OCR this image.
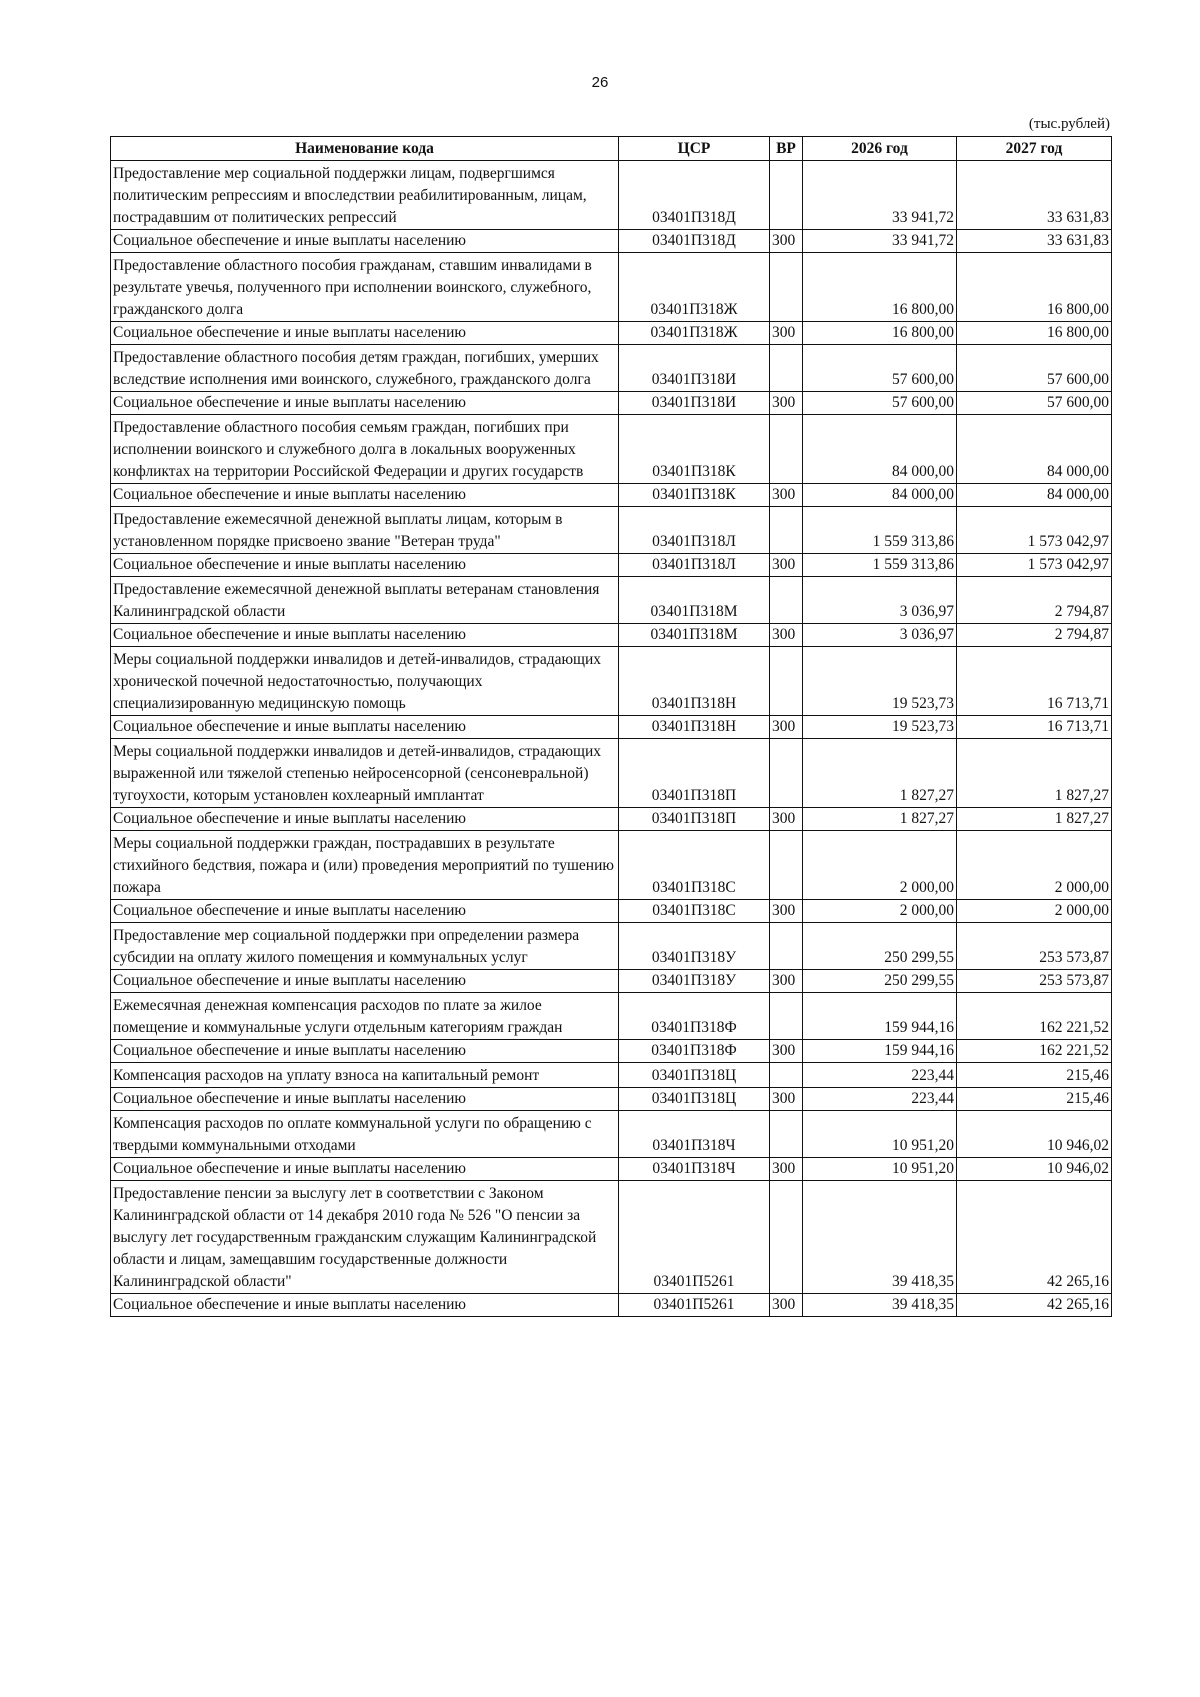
26
(тыс.рублей)
Наименование кода	ЦСР	ВР	2026 год	2027 год
Предоставление мер социальной поддержки лицам, подвергшимся политическим репрессиям и впоследствии реабилитированным, лицам, пострадавшим от политических репрессий	03401П318Д		33 941,72	33 631,83
Социальное обеспечение и иные выплаты населению	03401П318Д	300	33 941,72	33 631,83
Предоставление областного пособия гражданам, ставшим инвалидами в результате увечья, полученного при исполнении воинского, служебного, гражданского долга	03401П318Ж		16 800,00	16 800,00
Социальное обеспечение и иные выплаты населению	03401П318Ж	300	16 800,00	16 800,00
Предоставление областного пособия детям граждан, погибших, умерших вследствие исполнения ими воинского, служебного, гражданского долга	03401П318И		57 600,00	57 600,00
Социальное обеспечение и иные выплаты населению	03401П318И	300	57 600,00	57 600,00
Предоставление областного пособия семьям граждан, погибших при исполнении воинского и служебного долга в локальных вооруженных конфликтах на территории Российской Федерации и других государств	03401П318К		84 000,00	84 000,00
Социальное обеспечение и иные выплаты населению	03401П318К	300	84 000,00	84 000,00
Предоставление ежемесячной денежной выплаты лицам, которым в установленном порядке присвоено звание "Ветеран труда"	03401П318Л		1 559 313,86	1 573 042,97
Социальное обеспечение и иные выплаты населению	03401П318Л	300	1 559 313,86	1 573 042,97
Предоставление ежемесячной денежной выплаты ветеранам становления Калининградской области	03401П318М		3 036,97	2 794,87
Социальное обеспечение и иные выплаты населению	03401П318М	300	3 036,97	2 794,87
Меры социальной поддержки инвалидов и детей-инвалидов, страдающих хронической почечной недостаточностью, получающих специализированную медицинскую помощь	03401П318Н		19 523,73	16 713,71
Социальное обеспечение и иные выплаты населению	03401П318Н	300	19 523,73	16 713,71
Меры социальной поддержки инвалидов и детей-инвалидов, страдающих выраженной или тяжелой степенью нейросенсорной (сенсоневральной) тугоухости, которым установлен кохлеарный имплантат	03401П318П		1 827,27	1 827,27
Социальное обеспечение и иные выплаты населению	03401П318П	300	1 827,27	1 827,27
Меры социальной поддержки граждан, пострадавших в результате стихийного бедствия, пожара и (или) проведения мероприятий по тушению пожара	03401П318С		2 000,00	2 000,00
Социальное обеспечение и иные выплаты населению	03401П318С	300	2 000,00	2 000,00
Предоставление мер социальной поддержки при определении размера субсидии на оплату жилого помещения и коммунальных услуг	03401П318У		250 299,55	253 573,87
Социальное обеспечение и иные выплаты населению	03401П318У	300	250 299,55	253 573,87
Ежемесячная денежная компенсация расходов по плате за жилое помещение и коммунальные услуги отдельным категориям граждан	03401П318Ф		159 944,16	162 221,52
Социальное обеспечение и иные выплаты населению	03401П318Ф	300	159 944,16	162 221,52
Компенсация расходов на уплату взноса на капитальный ремонт	03401П318Ц		223,44	215,46
Социальное обеспечение и иные выплаты населению	03401П318Ц	300	223,44	215,46
Компенсация расходов по оплате коммунальной услуги по обращению с твердыми коммунальными отходами	03401П318Ч		10 951,20	10 946,02
Социальное обеспечение и иные выплаты населению	03401П318Ч	300	10 951,20	10 946,02
Предоставление пенсии за выслугу лет в соответствии с Законом Калининградской области от 14 декабря 2010 года № 526 "О пенсии за выслугу лет государственным гражданским служащим Калининградской области и лицам, замещавшим государственные должности Калининградской области"	03401П5261		39 418,35	42 265,16
Социальное обеспечение и иные выплаты населению	03401П5261	300	39 418,35	42 265,16
